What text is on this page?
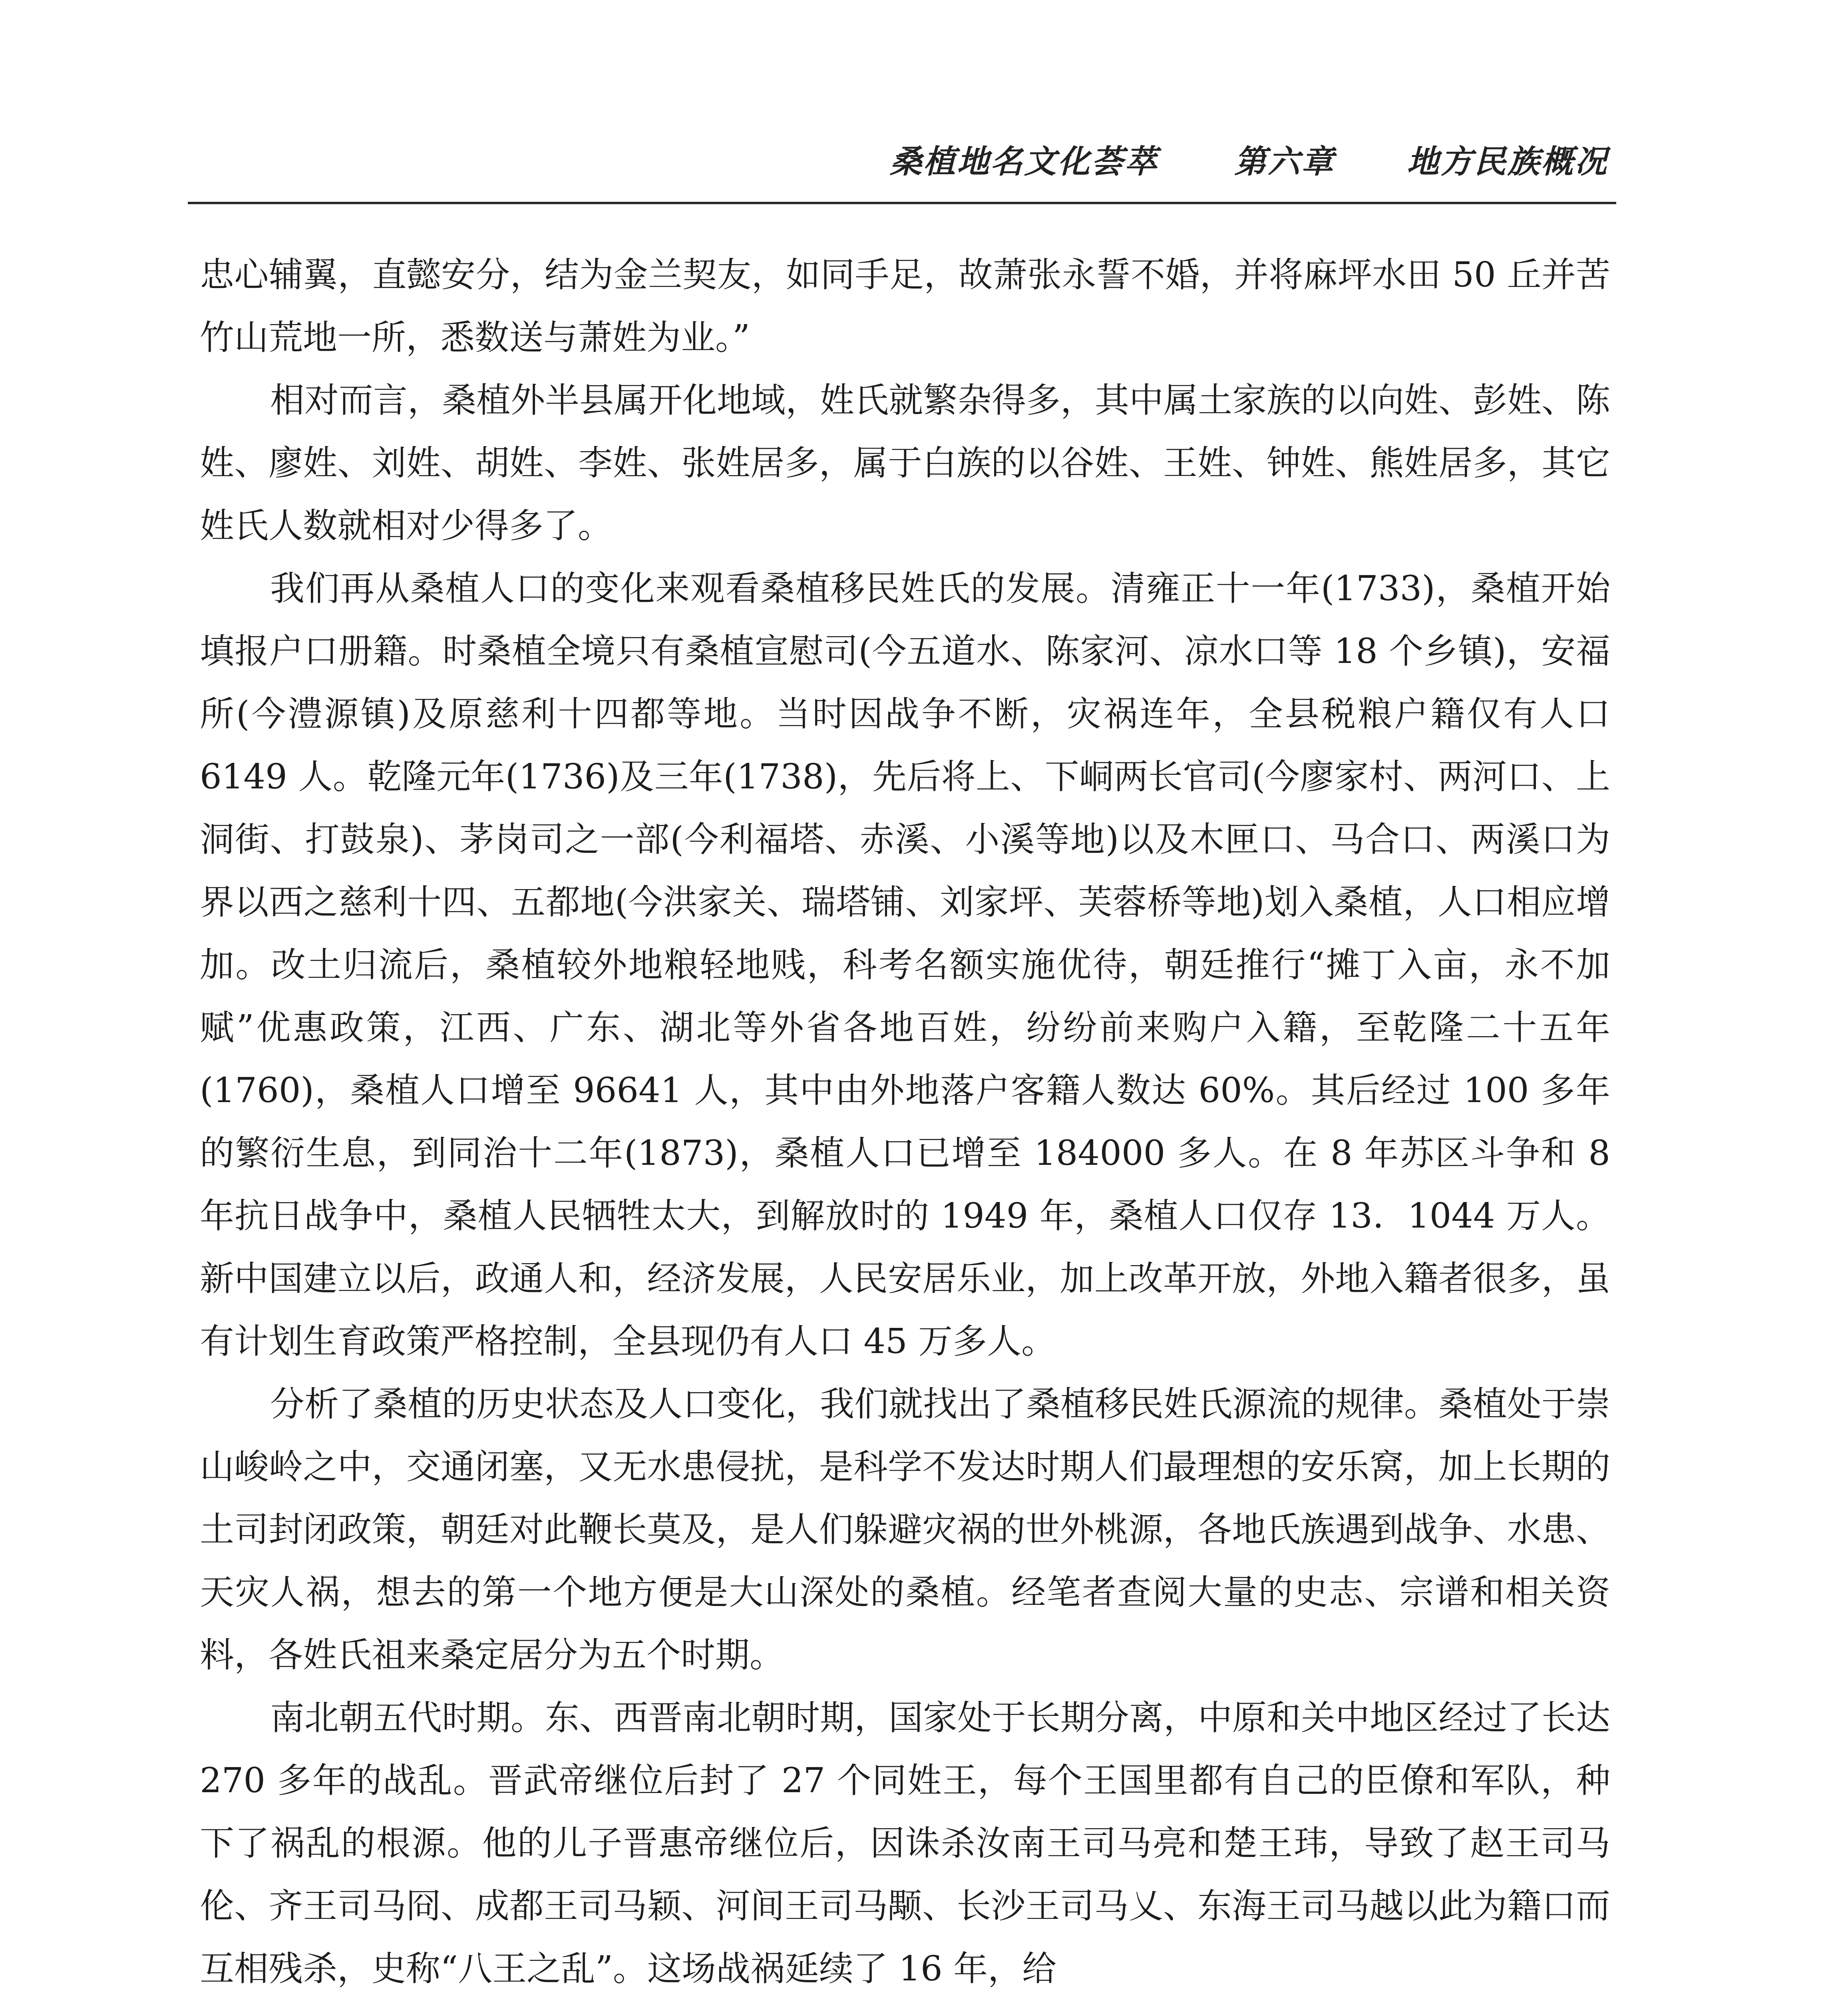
桑植地名文化荟萃 第六章 地方民族概况

忠心辅翼，直懿安分，结为金兰契友，如同手足，故萧张永誓不婚，并将麻坪水田 50 丘并苦竹山荒地一所，悉数送与萧姓为业。”

相对而言，桑植外半县属开化地域，姓氏就繁杂得多，其中属土家族的以向姓、彭姓、陈姓、廖姓、刘姓、胡姓、李姓、张姓居多，属于白族的以谷姓、王姓、钟姓、熊姓居多，其它姓氏人数就相对少得多了。

我们再从桑植人口的变化来观看桑植移民姓氏的发展。清雍正十一年(1733)，桑植开始填报户口册籍。时桑植全境只有桑植宣慰司(今五道水、陈家河、凉水口等 18 个乡镇)，安福所(今澧源镇)及原慈利十四都等地。当时因战争不断，灾祸连年，全县税粮户籍仅有人口 6149 人。乾隆元年(1736)及三年(1738)，先后将上、下峒两长官司(今廖家村、两河口、上洞街、打鼓泉)、茅岗司之一部(今利福塔、赤溪、小溪等地)以及木匣口、马合口、两溪口为界以西之慈利十四、五都地(今洪家关、瑞塔铺、刘家坪、芙蓉桥等地)划入桑植，人口相应增加。改土归流后，桑植较外地粮轻地贱，科考名额实施优待，朝廷推行“摊丁入亩，永不加赋”优惠政策，江西、广东、湖北等外省各地百姓，纷纷前来购户入籍，至乾隆二十五年(1760)，桑植人口增至 96641 人，其中由外地落户客籍人数达 60%。其后经过 100 多年的繁衍生息，到同治十二年(1873)，桑植人口已增至 184000 多人。在 8 年苏区斗争和 8 年抗日战争中，桑植人民牺牲太大，到解放时的 1949 年，桑植人口仅存 13．1044 万人。新中国建立以后，政通人和，经济发展，人民安居乐业，加上改革开放，外地入籍者很多，虽有计划生育政策严格控制，全县现仍有人口 45 万多人。

分析了桑植的历史状态及人口变化，我们就找出了桑植移民姓氏源流的规律。桑植处于崇山峻岭之中，交通闭塞，又无水患侵扰，是科学不发达时期人们最理想的安乐窝，加上长期的土司封闭政策，朝廷对此鞭长莫及，是人们躲避灾祸的世外桃源，各地氏族遇到战争、水患、天灾人祸，想去的第一个地方便是大山深处的桑植。经笔者查阅大量的史志、宗谱和相关资料，各姓氏祖来桑定居分为五个时期。

南北朝五代时期。东、西晋南北朝时期，国家处于长期分离，中原和关中地区经过了长达 270 多年的战乱。晋武帝继位后封了 27 个同姓王，每个王国里都有自己的臣僚和军队，种下了祸乱的根源。他的儿子晋惠帝继位后，因诛杀汝南王司马亮和楚王玮，导致了赵王司马伦、齐王司马冏、成都王司马颖、河间王司马颙、长沙王司马乂、东海王司马越以此为籍口而互相残杀，史称“八王之乱”。这场战祸延续了 16 年，给
